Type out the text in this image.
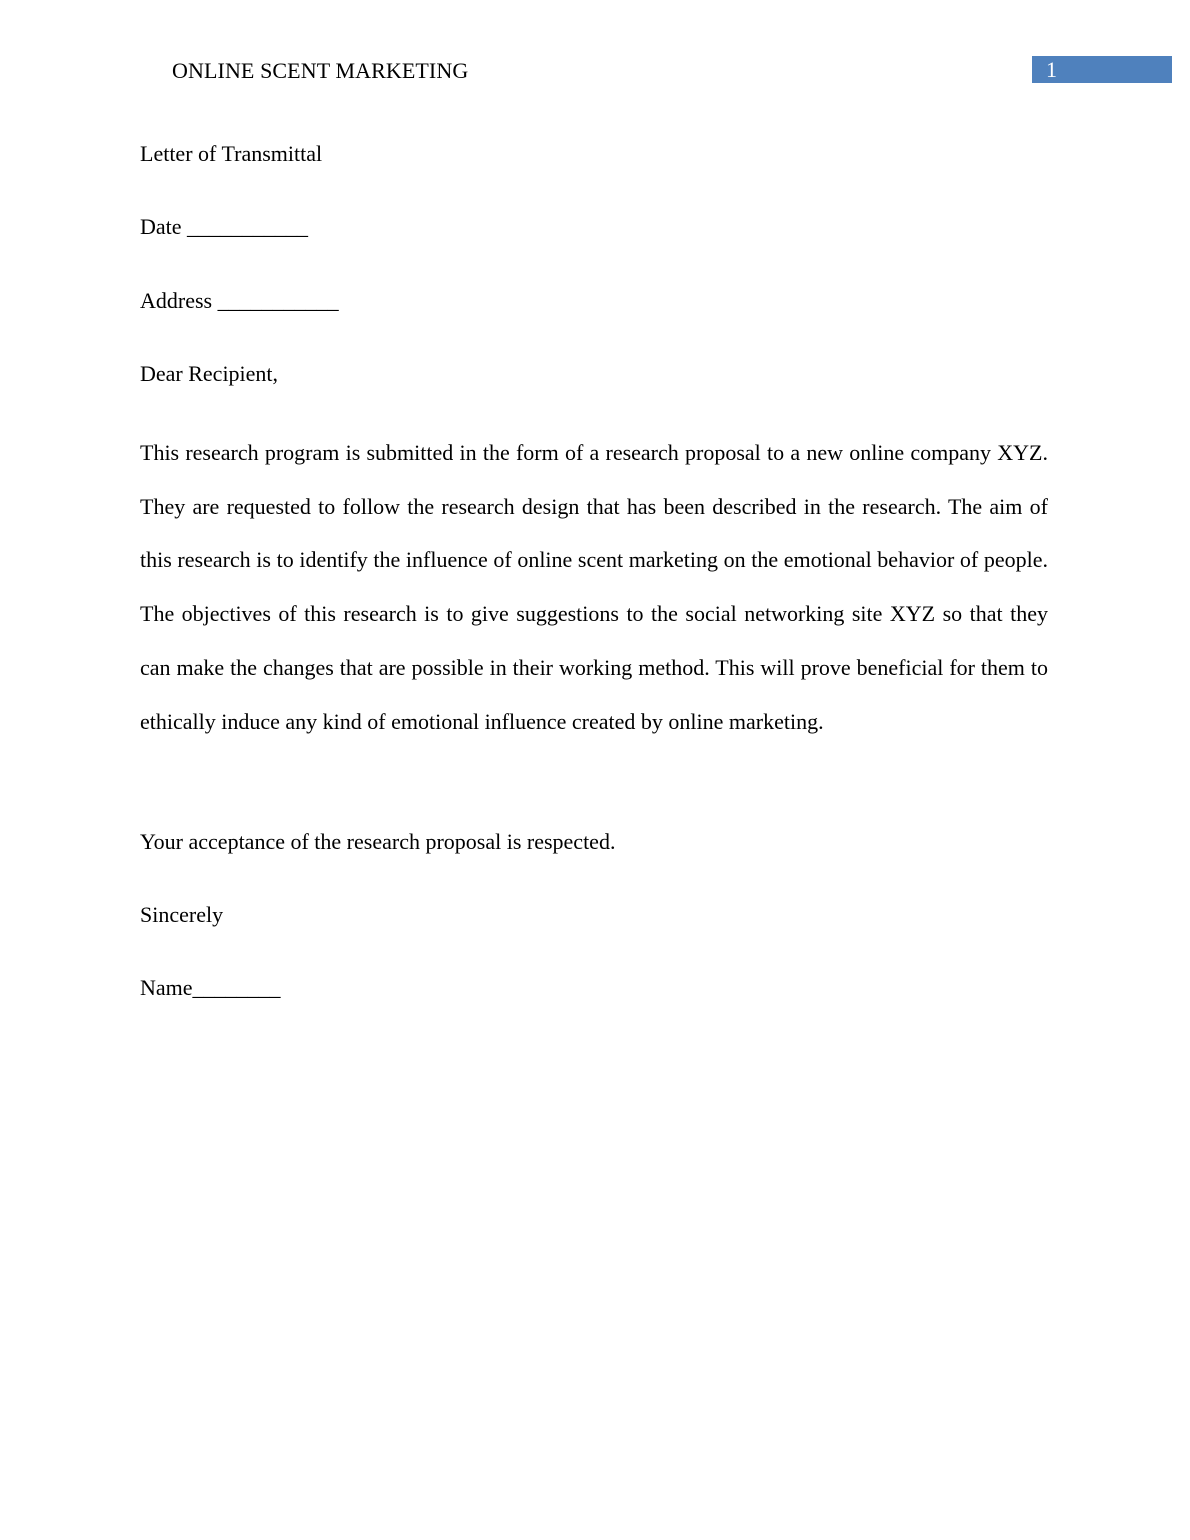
ONLINE SCENT MARKETING	1
Letter of Transmittal
Date ___________
Address ___________
Dear Recipient,
This research program is submitted in the form of a research proposal to a new online company XYZ. They are requested to follow the research design that has been described in the research. The aim of this research is to identify the influence of online scent marketing on the emotional behavior of people. The objectives of this research is to give suggestions to the social networking site XYZ so that they can make the changes that are possible in their working method. This will prove beneficial for them to ethically induce any kind of emotional influence created by online marketing.
Your acceptance of the research proposal is respected.
Sincerely
Name________
